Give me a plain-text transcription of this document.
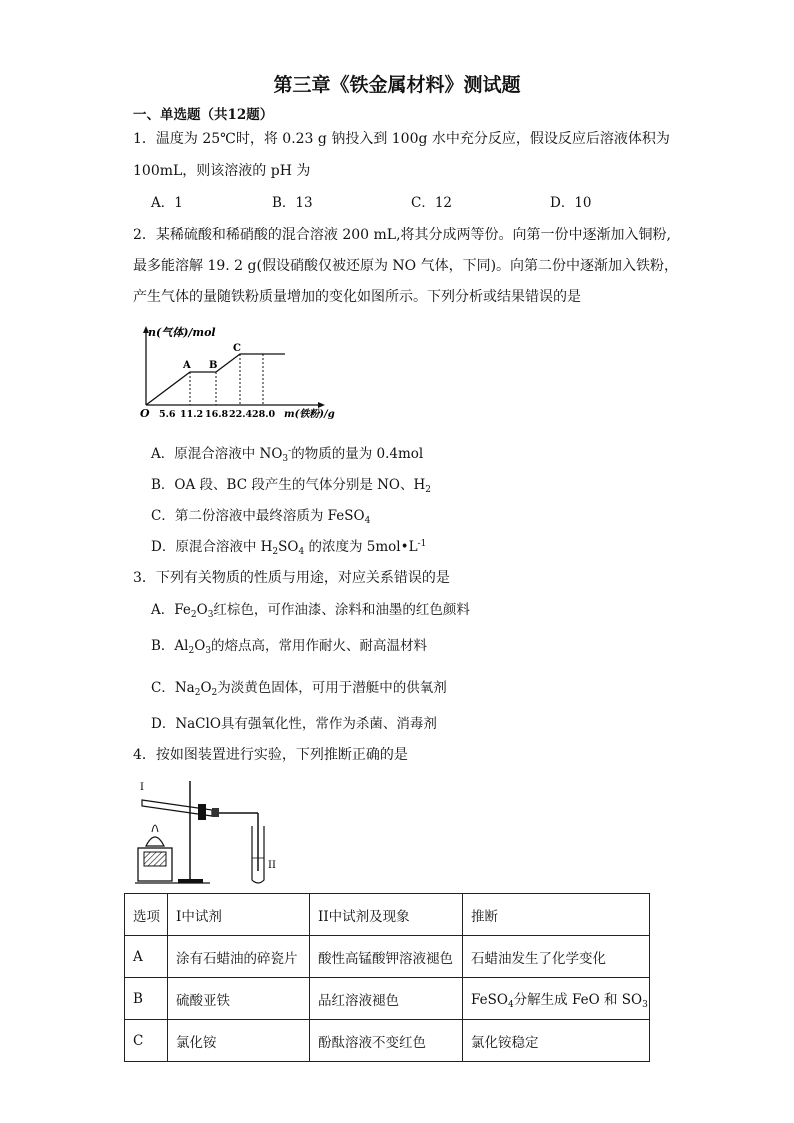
第三章《铁金属材料》测试题
一、单选题（共12题）
1．温度为 25℃时，将 0.23 g 钠投入到 100g 水中充分反应，假设反应后溶液体积为
100mL，则该溶液的 pH 为
A．1	B．13	C．12	D．10
2．某稀硫酸和稀硝酸的混合溶液 200 mL,将其分成两等份。向第一份中逐渐加入铜粉,
最多能溶解 19. 2 g(假设硝酸仅被还原为 NO 气体，下同)。向第二份中逐渐加入铁粉，
产生气体的量随铁粉质量增加的变化如图所示。下列分析或结果错误的是
n(气体)/mol
A B
C
O 5.6 11.2 16.8 22.4 28.0 m(铁粉)/g
A．原混合溶液中 $NO_3^-$的物质的量为 0.4mol
B．OA 段、BC 段产生的气体分别是 NO、$H_2$
C．第二份溶液中最终溶质为 FeSO$_4$
D．原混合溶液中 $H_2SO_4$ 的浓度为 $5mol•L^{-1}$
3．下列有关物质的性质与用途，对应关系错误的是
A．$Fe_2O_3$红棕色，可作油漆、涂料和油墨的红色颜料
B．$Al_2O_3$的熔点高，常用作耐火、耐高温材料
C．$Na_2O_2$为淡黄色固体，可用于潜艇中的供氧剂
D．NaClO具有强氧化性，常作为杀菌、消毒剂
4．按如图装置进行实验，下列推断正确的是
I
II
选项	I中试剂	II中试剂及现象	推断
A	涂有石蜡油的碎瓷片	酸性高锰酸钾溶液褪色	石蜡油发生了化学变化
B	硫酸亚铁	品红溶液褪色	FeSO$_4$分解生成 FeO 和 $SO_3$
C	氯化铵	酚酞溶液不变红色	氯化铵稳定
